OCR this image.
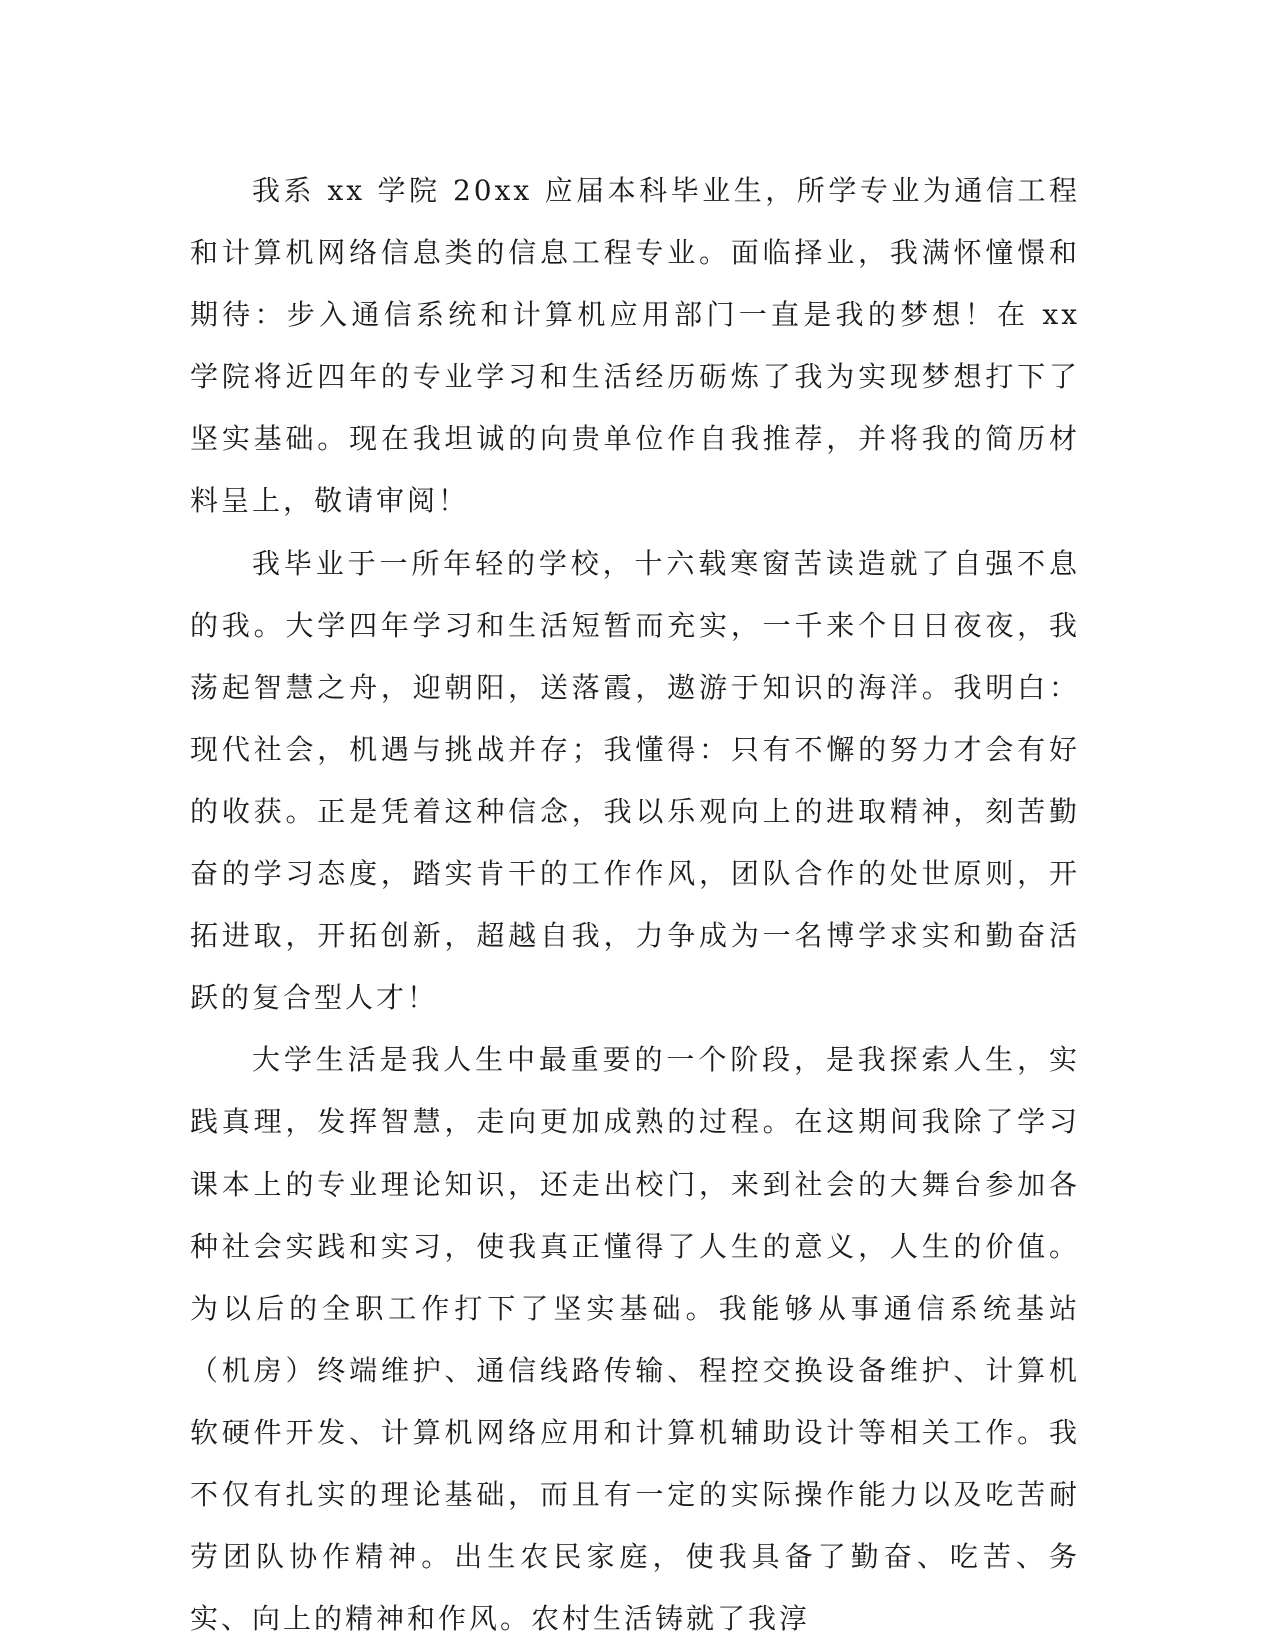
我系 xx 学院 20xx 应届本科毕业生，所学专业为通信工程和计算机网络信息类的信息工程专业。面临择业，我满怀憧憬和期待：步入通信系统和计算机应用部门一直是我的梦想！在 xx 学院将近四年的专业学习和生活经历砺炼了我为实现梦想打下了坚实基础。现在我坦诚的向贵单位作自我推荐，并将我的简历材料呈上，敬请审阅！

我毕业于一所年轻的学校，十六载寒窗苦读造就了自强不息的我。大学四年学习和生活短暂而充实，一千来个日日夜夜，我荡起智慧之舟，迎朝阳，送落霞，遨游于知识的海洋。我明白：现代社会，机遇与挑战并存；我懂得：只有不懈的努力才会有好的收获。正是凭着这种信念，我以乐观向上的进取精神，刻苦勤奋的学习态度，踏实肯干的工作作风，团队合作的处世原则，开拓进取，开拓创新，超越自我，力争成为一名博学求实和勤奋活跃的复合型人才！

大学生活是我人生中最重要的一个阶段，是我探索人生，实践真理，发挥智慧，走向更加成熟的过程。在这期间我除了学习课本上的专业理论知识，还走出校门，来到社会的大舞台参加各种社会实践和实习，使我真正懂得了人生的意义，人生的价值。为以后的全职工作打下了坚实基础。我能够从事通信系统基站（机房）终端维护、通信线路传输、程控交换设备维护、计算机软硬件开发、计算机网络应用和计算机辅助设计等相关工作。我不仅有扎实的理论基础，而且有一定的实际操作能力以及吃苦耐劳团队协作精神。出生农民家庭，使我具备了勤奋、吃苦、务实、向上的精神和作风。农村生活铸就了我淳
